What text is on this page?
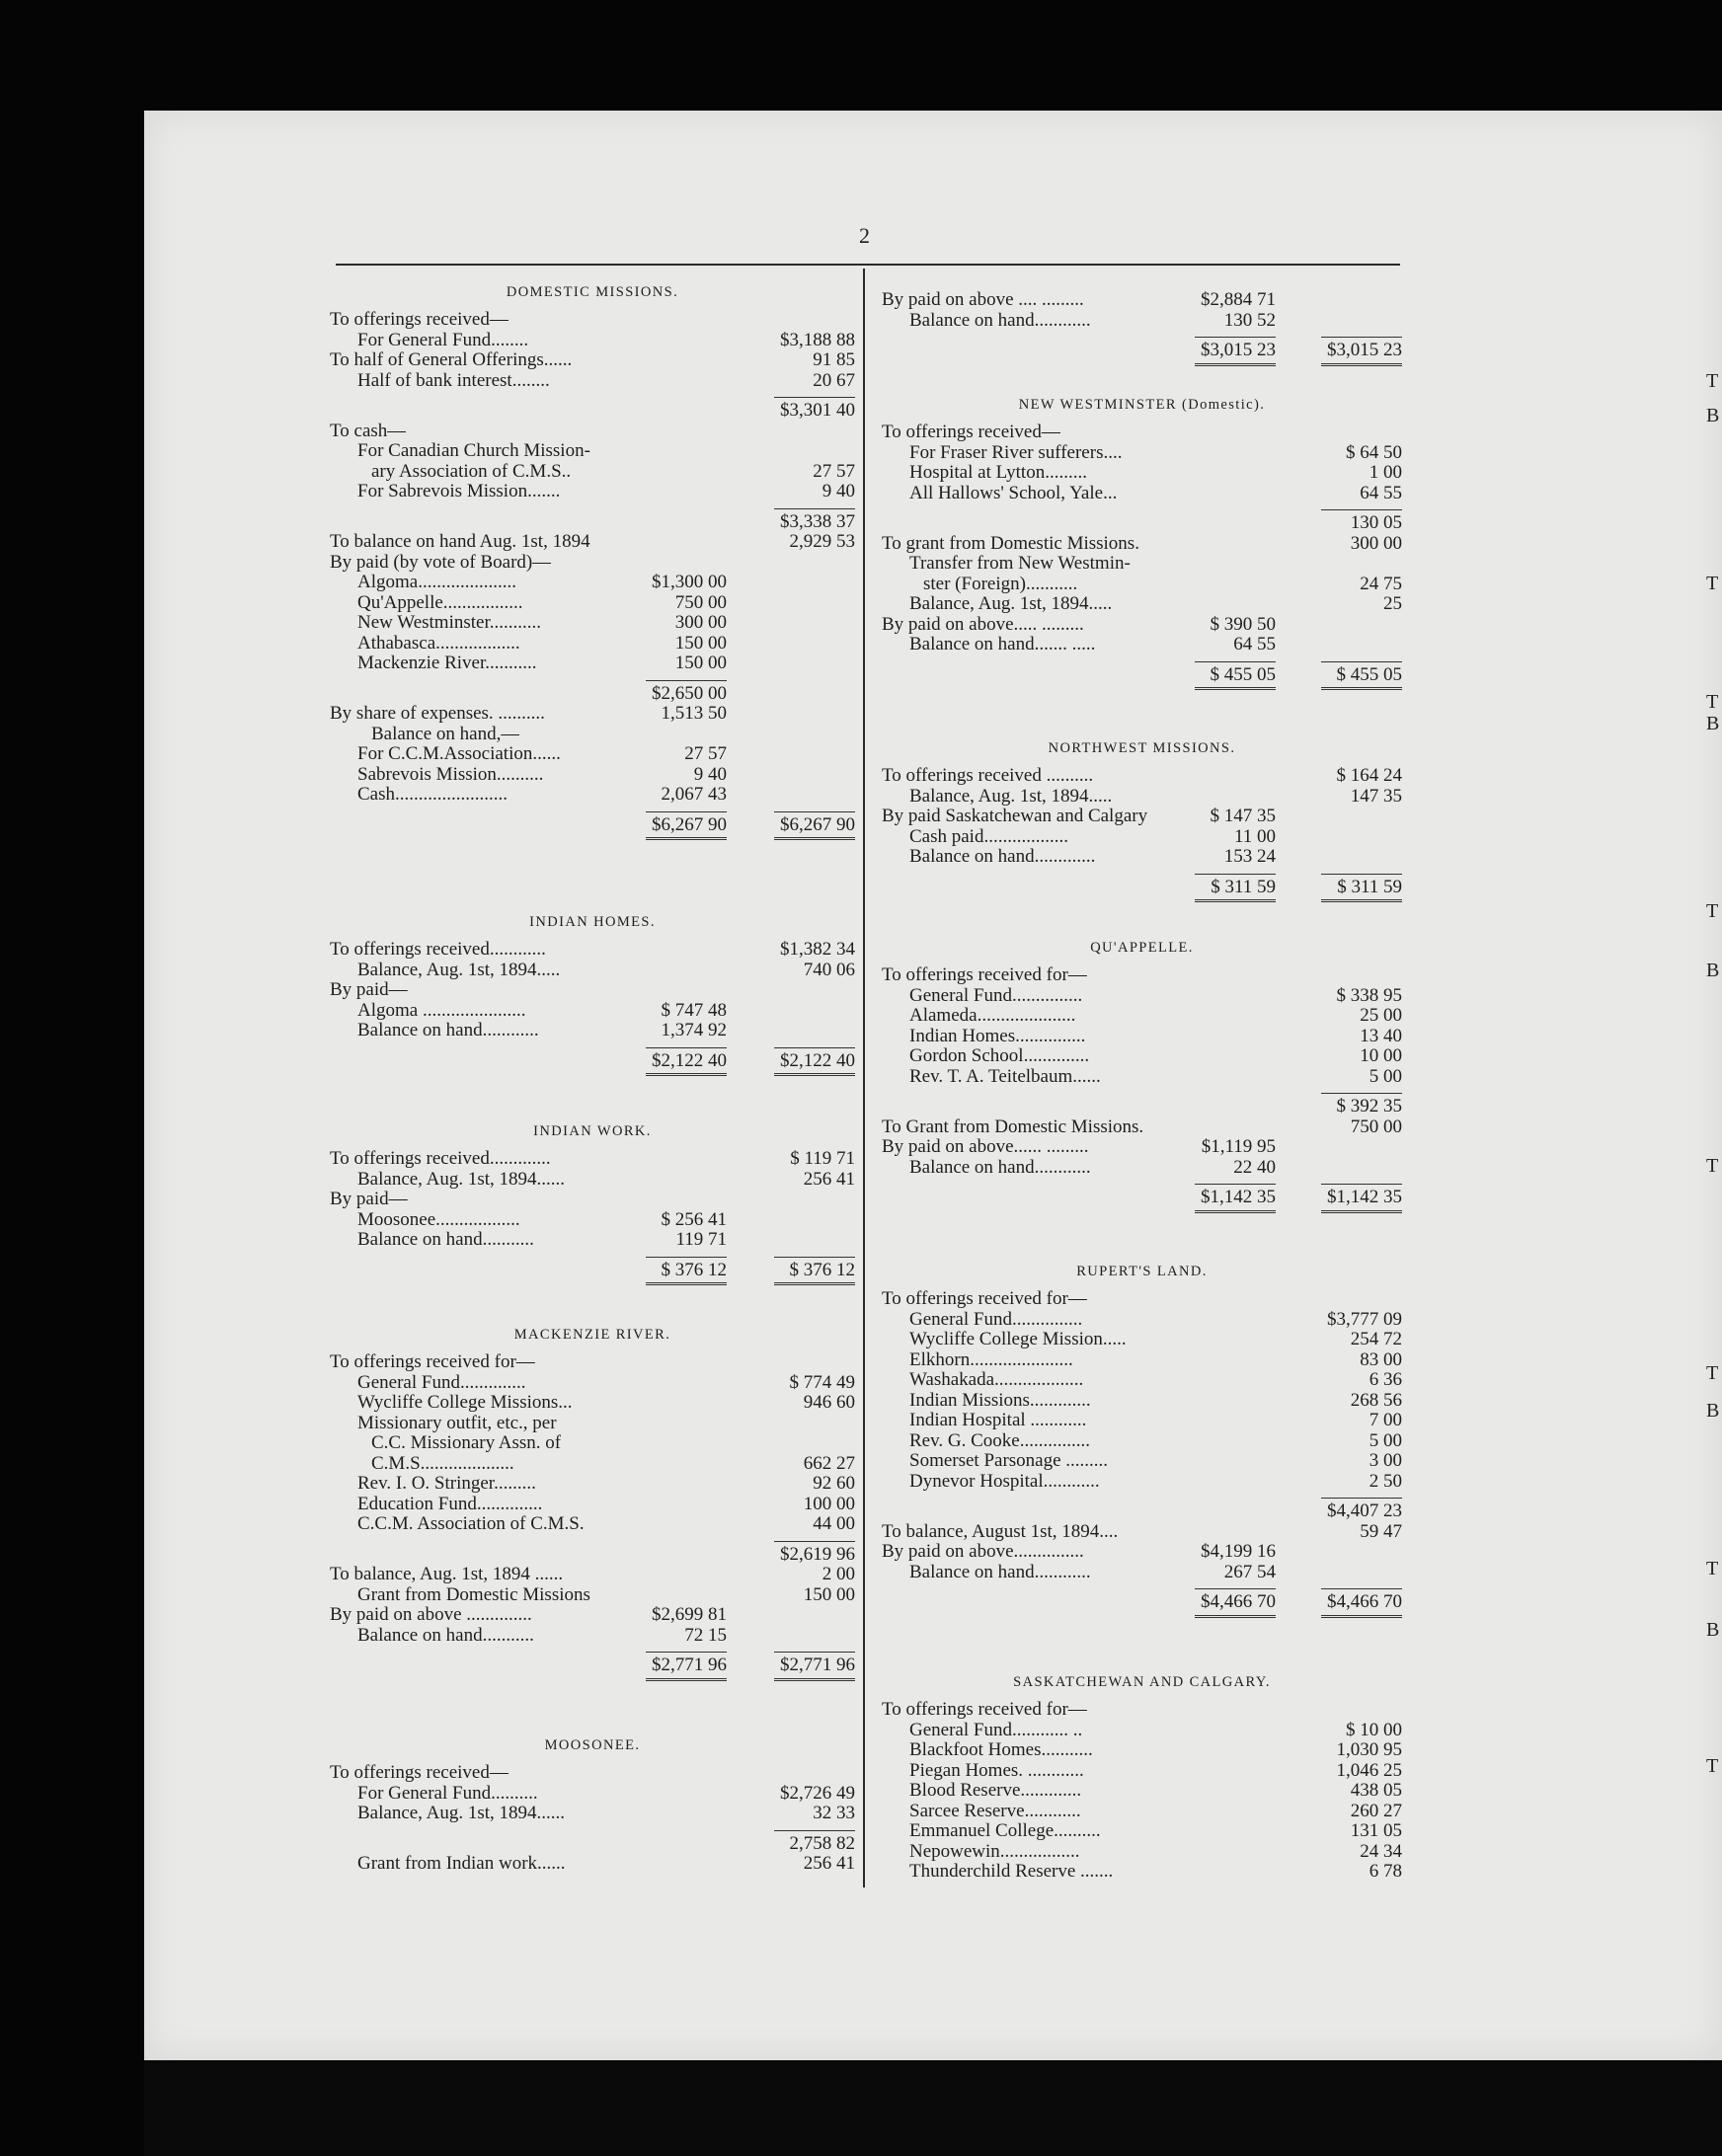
2
DOMESTIC MISSIONS.
To offerings received—
For General Fund........	$3,188 88
To half of General Offerings......	91 85
Half of bank interest........	20 67
$3,301 40
To cash—
For Canadian Church Mission-
ary Association of C.M.S..	27 57
For Sabrevois Mission.......	9 40
$3,338 37
To balance on hand Aug. 1st, 1894	2,929 53
By paid (by vote of Board)—
Algoma.....................	$1,300 00
Qu'Appelle.................	750 00
New Westminster...........	300 00
Athabasca..................	150 00
Mackenzie River...........	150 00
$2,650 00
By share of expenses. ..........	1,513 50
Balance on hand,—
For C.C.M.Association......	27 57
Sabrevois Mission..........	9 40
Cash........................	2,067 43
$6,267 90	$6,267 90
INDIAN HOMES.
To offerings received............	$1,382 34
Balance, Aug. 1st, 1894.....	740 06
By paid—
Algoma ......................	$ 747 48
Balance on hand............	1,374 92
$2,122 40	$2,122 40
INDIAN WORK.
To offerings received.............	$ 119 71
Balance, Aug. 1st, 1894......	256 41
By paid—
Moosonee..................	$ 256 41
Balance on hand...........	119 71
$ 376 12	$ 376 12
MACKENZIE RIVER.
To offerings received for—
General Fund..............	$ 774 49
Wycliffe College Missions...	946 60
Missionary outfit, etc., per
C.C. Missionary Assn. of
C.M.S....................	662 27
Rev. I. O. Stringer.........	92 60
Education Fund..............	100 00
C.C.M. Association of C.M.S.	44 00
$2,619 96
To balance, Aug. 1st, 1894 ......	2 00
Grant from Domestic Missions	150 00
By paid on above ..............	$2,699 81
Balance on hand...........	72 15
$2,771 96	$2,771 96
MOOSONEE.
To offerings received—
For General Fund..........	$2,726 49
Balance, Aug. 1st, 1894......	32 33
2,758 82
Grant from Indian work......	256 41
By paid on above .... .........	$2,884 71
Balance on hand............	130 52
$3,015 23	$3,015 23
NEW WESTMINSTER (Domestic).
To offerings received—
For Fraser River sufferers....	$ 64 50
Hospital at Lytton.........	1 00
All Hallows' School, Yale...	64 55
130 05
To grant from Domestic Missions.	300 00
Transfer from New Westmin-
ster (Foreign)...........	24 75
Balance, Aug. 1st, 1894.....	25
By paid on above..... .........	$ 390 50
Balance on hand....... .....	64 55
$ 455 05	$ 455 05
NORTHWEST MISSIONS.
To offerings received ..........	$ 164 24
Balance, Aug. 1st, 1894.....	147 35
By paid Saskatchewan and Calgary	$ 147 35
Cash paid..................	11 00
Balance on hand.............	153 24
$ 311 59	$ 311 59
QU'APPELLE.
To offerings received for—
General Fund...............	$ 338 95
Alameda.....................	25 00
Indian Homes...............	13 40
Gordon School..............	10 00
Rev. T. A. Teitelbaum......	5 00
$ 392 35
To Grant from Domestic Missions.	750 00
By paid on above...... .........	$1,119 95
Balance on hand............	22 40
$1,142 35	$1,142 35
RUPERT'S LAND.
To offerings received for—
General Fund...............	$3,777 09
Wycliffe College Mission.....	254 72
Elkhorn......................	83 00
Washakada...................	6 36
Indian Missions.............	268 56
Indian Hospital ............	7 00
Rev. G. Cooke...............	5 00
Somerset Parsonage .........	3 00
Dynevor Hospital............	2 50
$4,407 23
To balance, August 1st, 1894....	59 47
By paid on above...............	$4,199 16
Balance on hand............	267 54
$4,466 70	$4,466 70
SASKATCHEWAN AND CALGARY.
To offerings received for—
General Fund............ ..	$ 10 00
Blackfoot Homes...........	1,030 95
Piegan Homes. ............	1,046 25
Blood Reserve.............	438 05
Sarcee Reserve............	260 27
Emmanuel College..........	131 05
Nepowewin.................	24 34
Thunderchild Reserve .......	6 78
T
B
T
T
B
T
B
T
T
B
T
B
T
